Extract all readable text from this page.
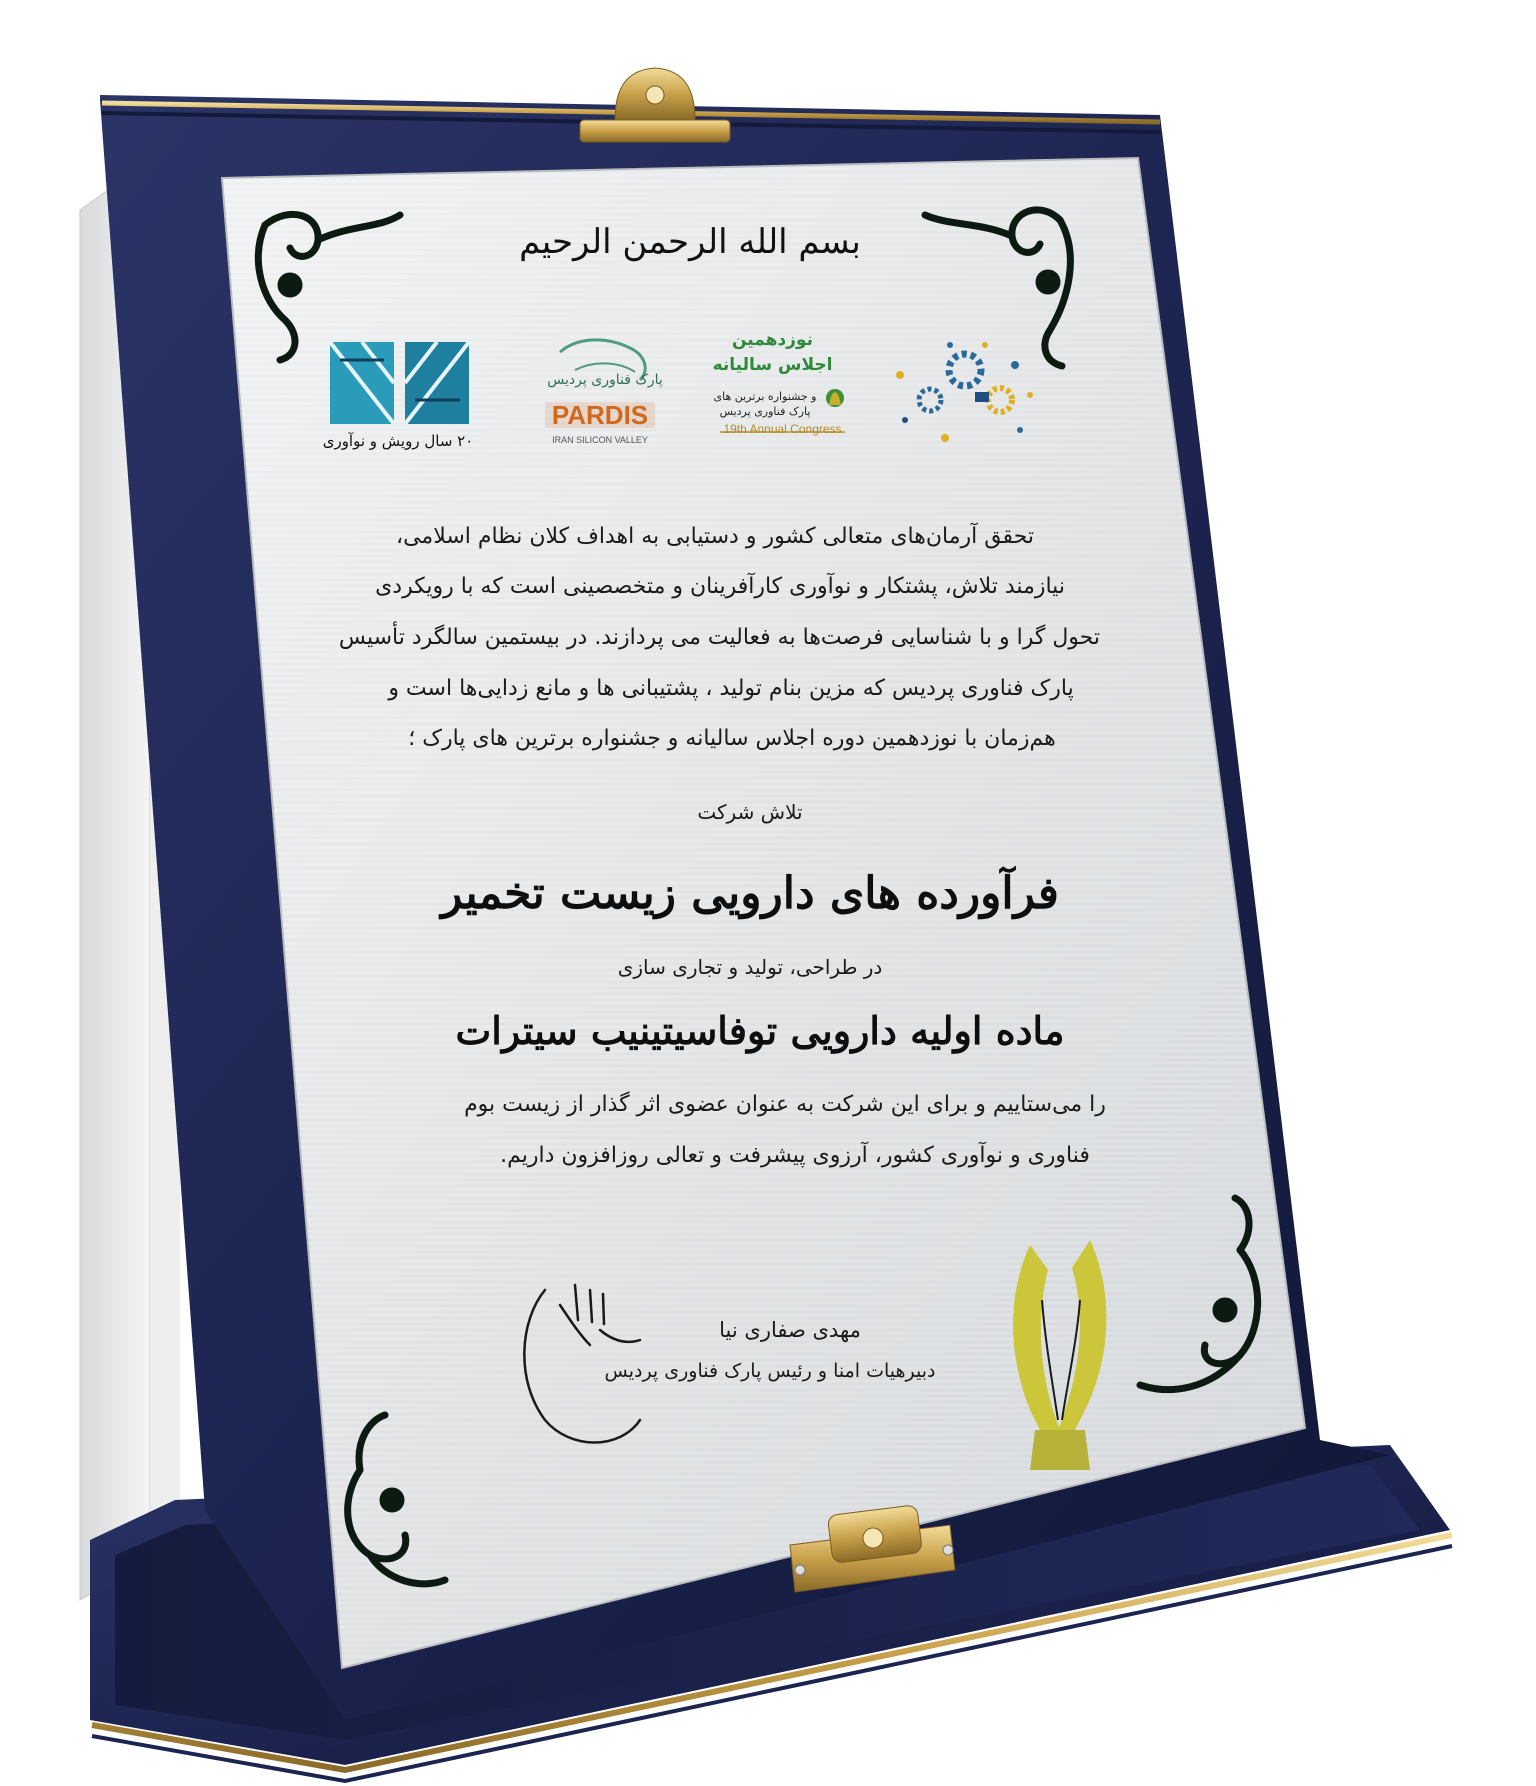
بسم الله الرحمن الرحیم
۲۰ سال رویش و نوآوری
پارک فناوری پردیس
PARDIS
IRAN SILICON VALLEY
نوزدهمین
اجلاس سالیانه
و جشنواره برترین های
پارک فناوری پردیس
19th Annual Congress
تحقق آرمان‌های متعالی کشور و دستیابی به اهداف کلان نظام اسلامی،
نیازمند تلاش، پشتکار و نوآوری کارآفرینان و متخصصینی است که با رویکردی
تحول گرا و با شناسایی فرصت‌ها به فعالیت می پردازند. در بیستمین سالگرد تأسیس
پارک فناوری پردیس که مزین بنام تولید ، پشتیبانی ها و مانع زدایی‌ها است و
هم‌زمان با نوزدهمین دوره اجلاس سالیانه و جشنواره برترین های پارک ؛
تلاش شرکت
فرآورده های دارویی زیست تخمیر
در طراحی، تولید و تجاری سازی
ماده اولیه دارویی توفاسیتینیب سیترات
را می‌ستاییم و برای این شرکت به عنوان عضوی اثر گذار از زیست بوم
فناوری و نوآوری کشور، آرزوی پیشرفت و تعالی روزافزون داریم.
مهدی صفاری نیا
دبیرهیات امنا و رئیس پارک فناوری پردیس
